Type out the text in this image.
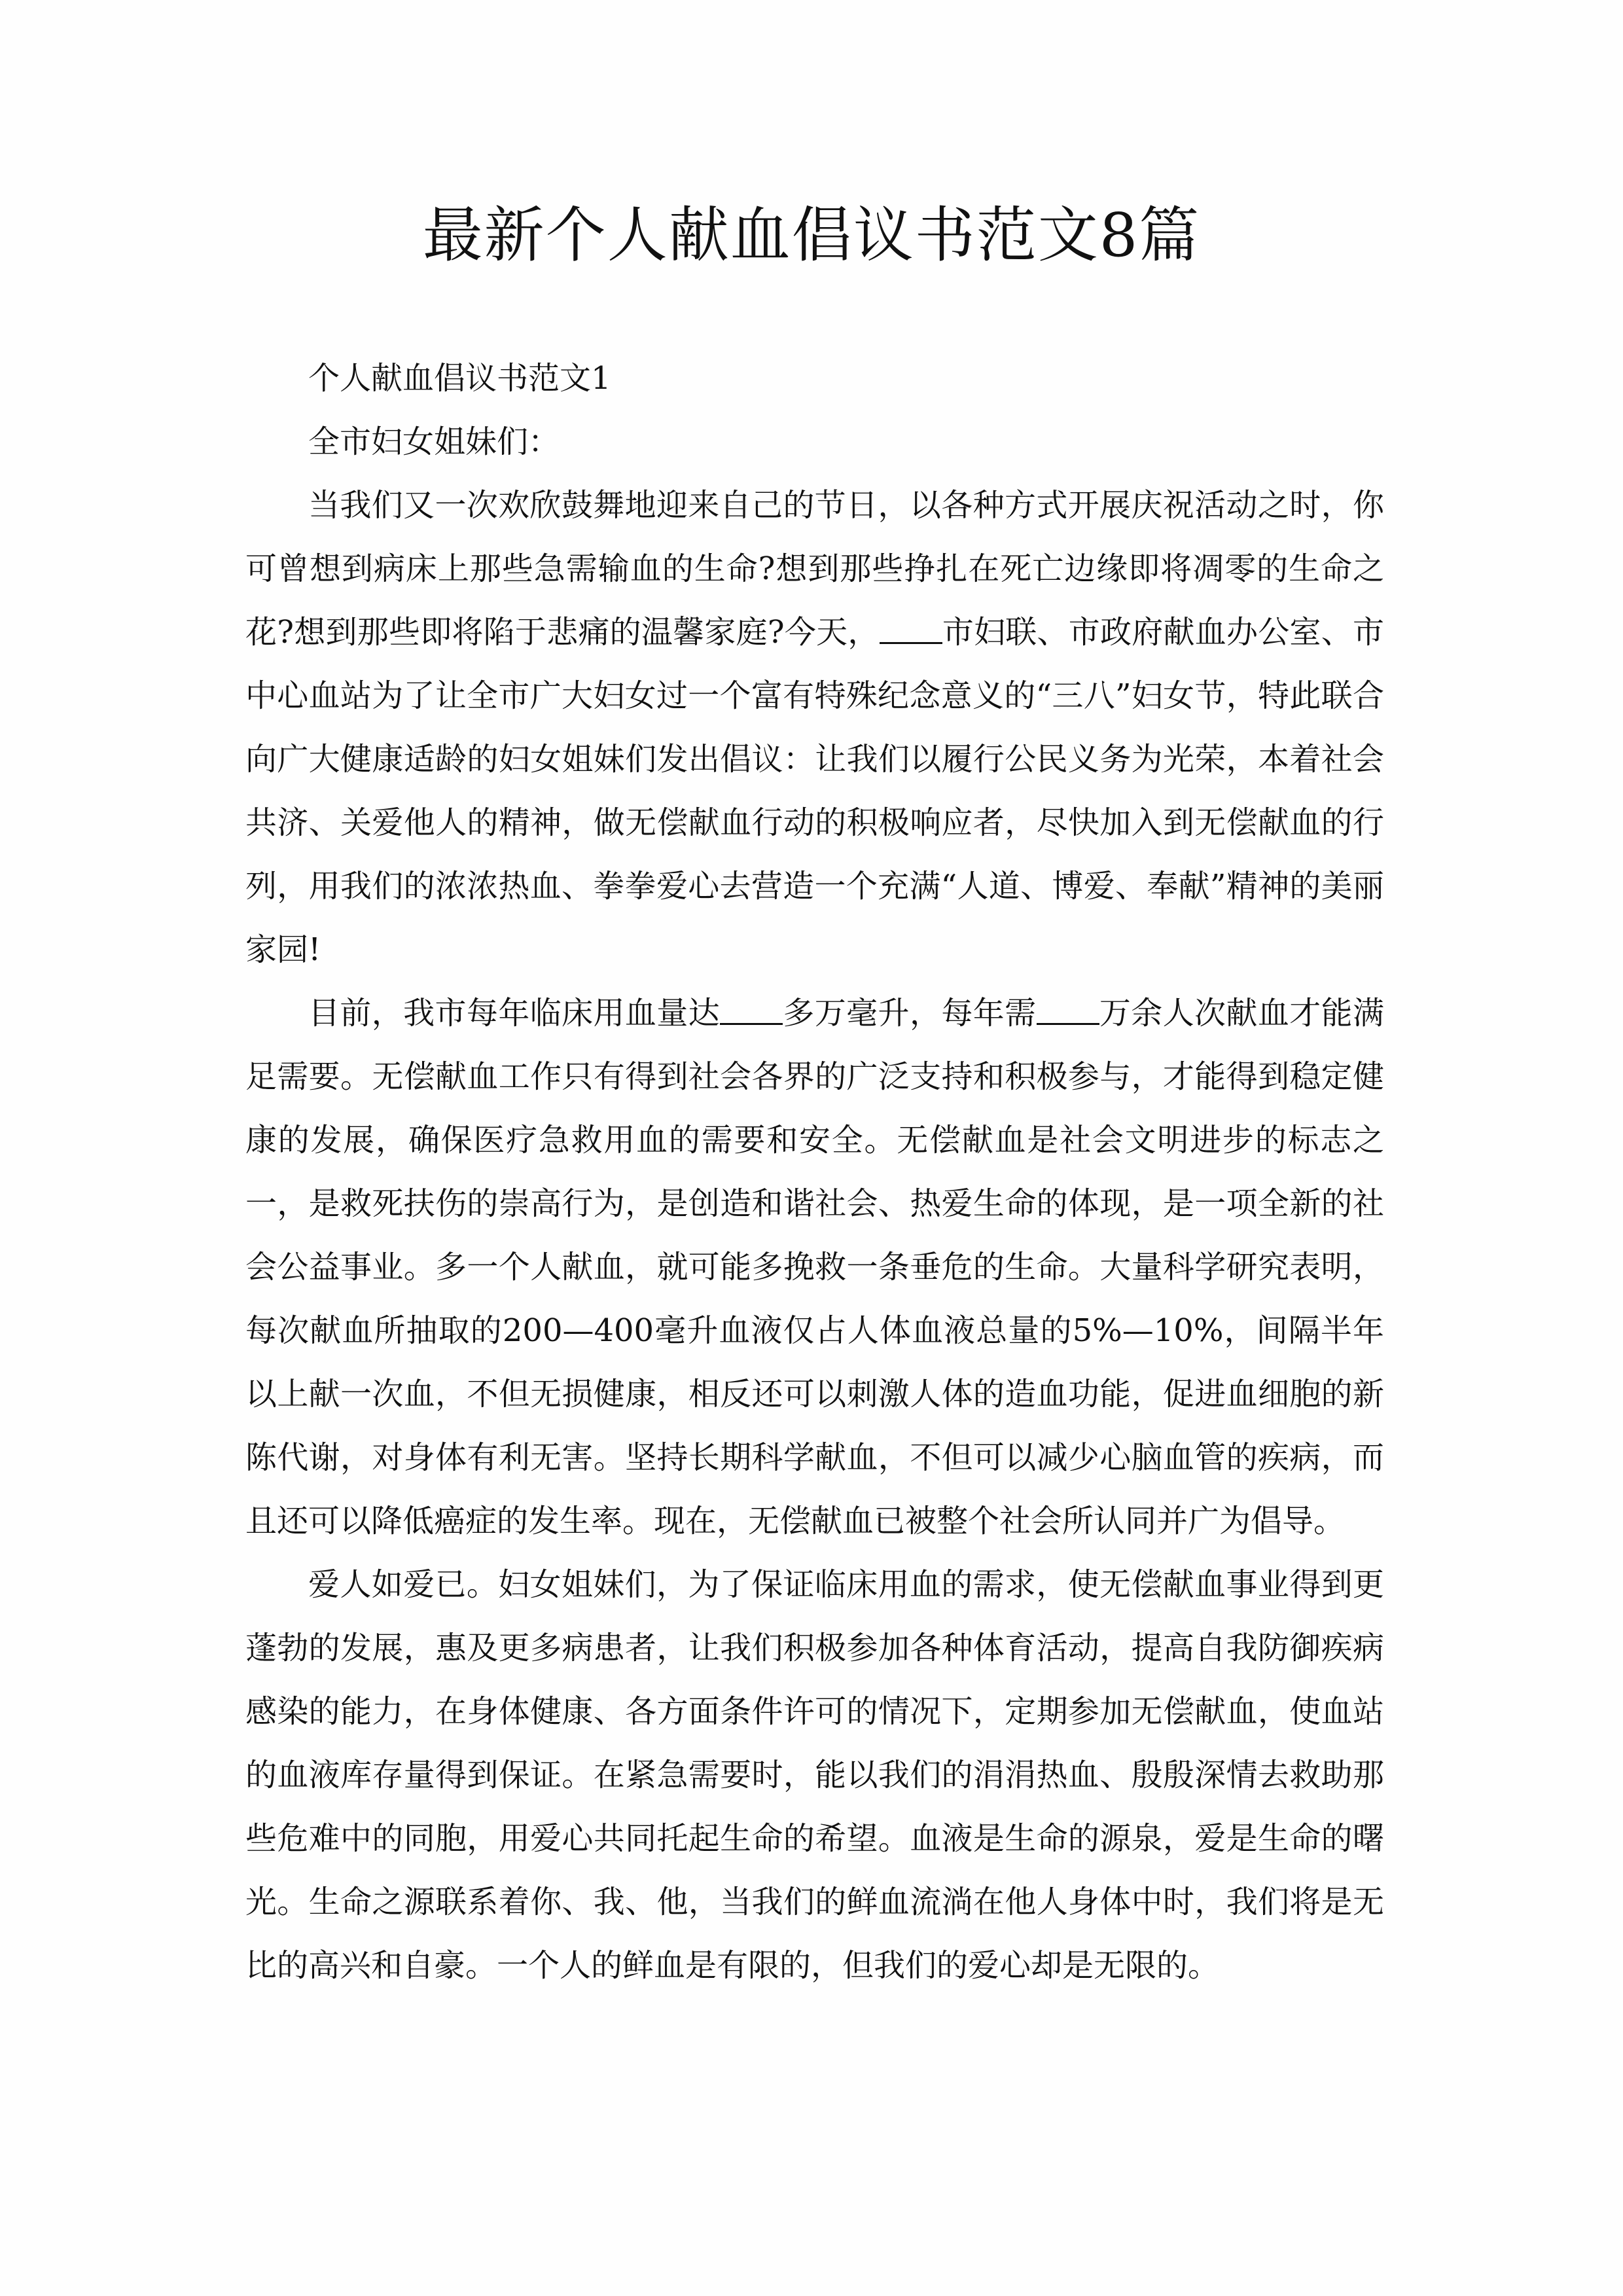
最新个人献血倡议书范文8篇

个人献血倡议书范文1

全市妇女姐妹们：

当我们又一次欢欣鼓舞地迎来自己的节日，以各种方式开展庆祝活动之时，你可曾想到病床上那些急需输血的生命?想到那些挣扎在死亡边缘即将凋零的生命之花?想到那些即将陷于悲痛的温馨家庭?今天， 市妇联、市政府献血办公室、市中心血站为了让全市广大妇女过一个富有特殊纪念意义的“三八”妇女节，特此联合向广大健康适龄的妇女姐妹们发出倡议：让我们以履行公民义务为光荣，本着社会共济、关爱他人的精神，做无偿献血行动的积极响应者，尽快加入到无偿献血的行列，用我们的浓浓热血、拳拳爱心去营造一个充满“人道、博爱、奉献”精神的美丽家园!

目前，我市每年临床用血量达 多万毫升，每年需 万余人次献血才能满足需要。无偿献血工作只有得到社会各界的广泛支持和积极参与，才能得到稳定健康的发展，确保医疗急救用血的需要和安全。无偿献血是社会文明进步的标志之一，是救死扶伤的崇高行为，是创造和谐社会、热爱生命的体现，是一项全新的社会公益事业。多一个人献血，就可能多挽救一条垂危的生命。大量科学研究表明，每次献血所抽取的200—400毫升血液仅占人体血液总量的5%—10%，间隔半年以上献一次血，不但无损健康，相反还可以刺激人体的造血功能，促进血细胞的新陈代谢，对身体有利无害。坚持长期科学献血，不但可以减少心脑血管的疾病，而且还可以降低癌症的发生率。现在，无偿献血已被整个社会所认同并广为倡导。

爱人如爱已。妇女姐妹们，为了保证临床用血的需求，使无偿献血事业得到更蓬勃的发展，惠及更多病患者，让我们积极参加各种体育活动，提高自我防御疾病感染的能力，在身体健康、各方面条件许可的情况下，定期参加无偿献血，使血站的血液库存量得到保证。在紧急需要时，能以我们的涓涓热血、殷殷深情去救助那些危难中的同胞，用爱心共同托起生命的希望。血液是生命的源泉，爱是生命的曙光。生命之源联系着你、我、他，当我们的鲜血流淌在他人身体中时，我们将是无比的高兴和自豪。一个人的鲜血是有限的，但我们的爱心却是无限的。
